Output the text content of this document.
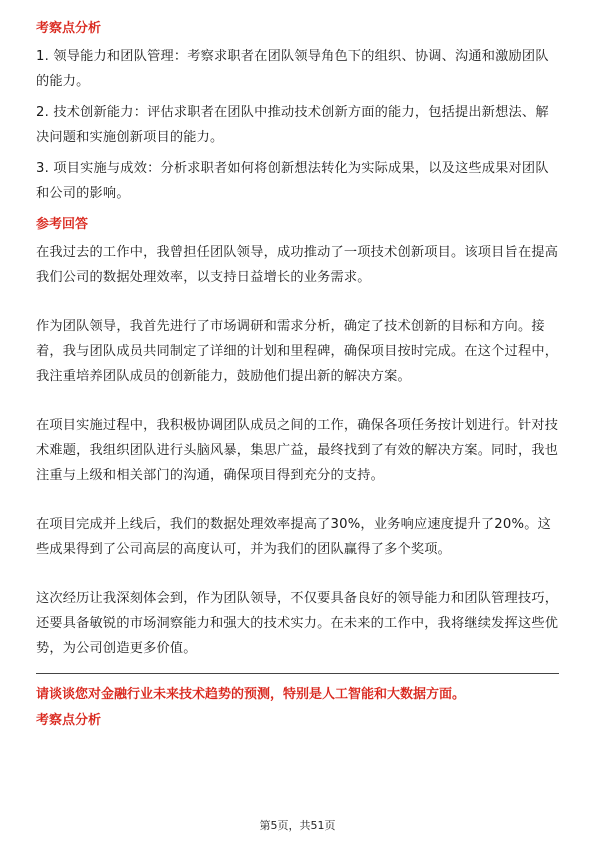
考察点分析
1. 领导能力和团队管理：考察求职者在团队领导角色下的组织、协调、沟通和激励团队的能力。
2. 技术创新能力：评估求职者在团队中推动技术创新方面的能力，包括提出新想法、解决问题和实施创新项目的能力。
3. 项目实施与成效：分析求职者如何将创新想法转化为实际成果，以及这些成果对团队和公司的影响。
参考回答
在我过去的工作中，我曾担任团队领导，成功推动了一项技术创新项目。该项目旨在提高我们公司的数据处理效率，以支持日益增长的业务需求。
作为团队领导，我首先进行了市场调研和需求分析，确定了技术创新的目标和方向。接着，我与团队成员共同制定了详细的计划和里程碑，确保项目按时完成。在这个过程中，我注重培养团队成员的创新能力，鼓励他们提出新的解决方案。
在项目实施过程中，我积极协调团队成员之间的工作，确保各项任务按计划进行。针对技术难题，我组织团队进行头脑风暴，集思广益，最终找到了有效的解决方案。同时，我也注重与上级和相关部门的沟通，确保项目得到充分的支持。
在项目完成并上线后，我们的数据处理效率提高了30%，业务响应速度提升了20%。这些成果得到了公司高层的高度认可，并为我们的团队赢得了多个奖项。
这次经历让我深刻体会到，作为团队领导，不仅要具备良好的领导能力和团队管理技巧，还要具备敏锐的市场洞察能力和强大的技术实力。在未来的工作中，我将继续发挥这些优势，为公司创造更多价值。
请谈谈您对金融行业未来技术趋势的预测，特别是人工智能和大数据方面。
考察点分析
第5页，共51页
